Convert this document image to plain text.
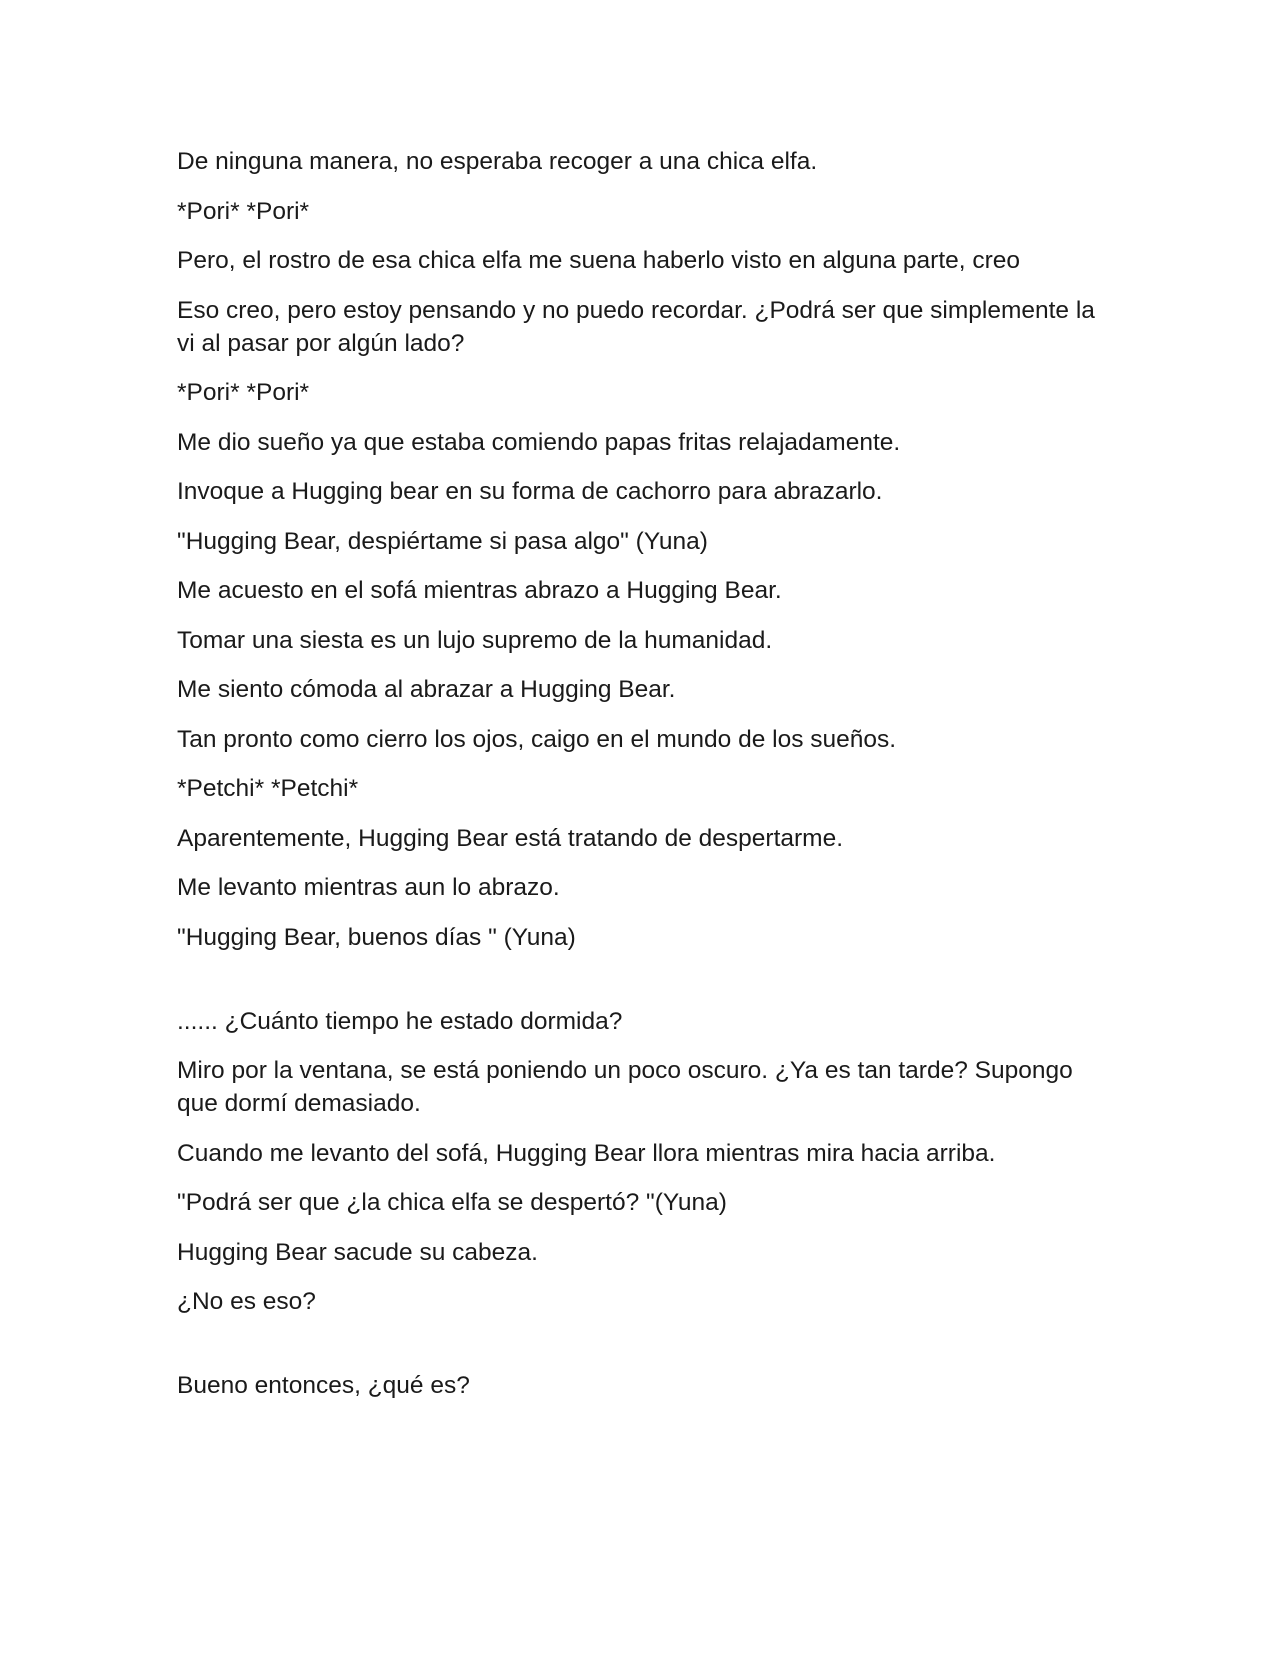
De ninguna manera, no esperaba recoger a una chica elfa.

*Pori* *Pori*

Pero, el rostro de esa chica elfa me suena haberlo visto en alguna parte, creo

Eso creo, pero estoy pensando y no puedo recordar. ¿Podrá ser que simplemente la vi al pasar por algún lado?

*Pori* *Pori*

Me dio sueño ya que estaba comiendo papas fritas relajadamente.

Invoque a Hugging bear en su forma de cachorro para abrazarlo.

"Hugging Bear, despiértame si pasa algo" (Yuna)

Me acuesto en el sofá mientras abrazo a Hugging Bear.

Tomar una siesta es un lujo supremo de la humanidad.

Me siento cómoda al abrazar a Hugging Bear.

Tan pronto como cierro los ojos, caigo en el mundo de los sueños.

*Petchi* *Petchi*

Aparentemente, Hugging Bear está tratando de despertarme.

Me levanto mientras aun lo abrazo.

"Hugging Bear, buenos días " (Yuna)

...... ¿Cuánto tiempo he estado dormida?

Miro por la ventana, se está poniendo un poco oscuro. ¿Ya es tan tarde? Supongo que dormí demasiado.

Cuando me levanto del sofá, Hugging Bear llora mientras mira hacia arriba.

"Podrá ser que ¿la chica elfa se despertó? "(Yuna)

Hugging Bear sacude su cabeza.

¿No es eso?

Bueno entonces, ¿qué es?
